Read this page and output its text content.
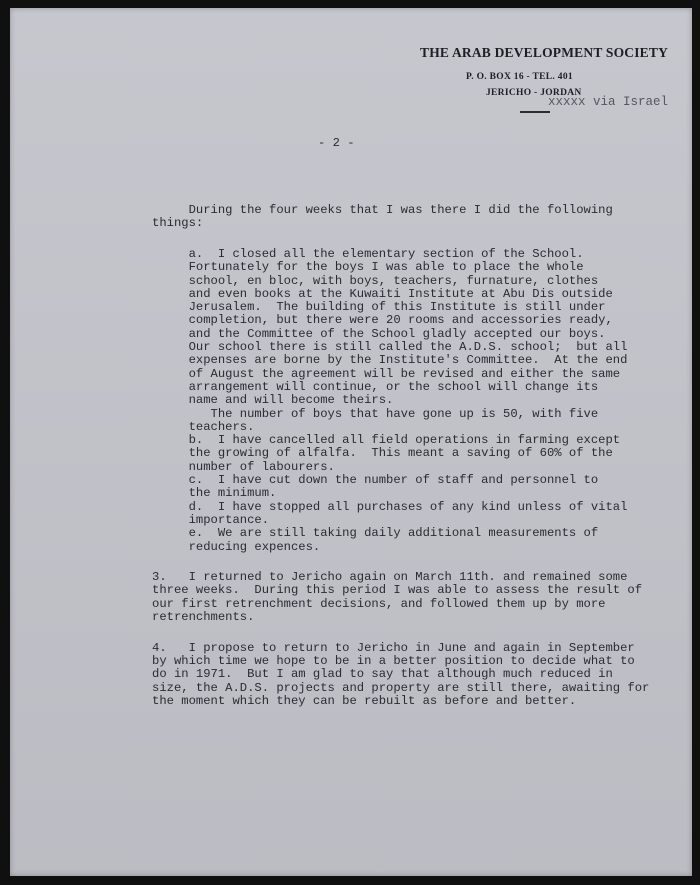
THE ARAB DEVELOPMENT SOCIETY
P. O. BOX 16 - TEL. 401
JERICHO - JORDAN
xxxxx via Israel
- 2 -
During the four weeks that I was there I did the following
things:
a.  I closed all the elementary section of the School.
Fortunately for the boys I was able to place the whole
school, en bloc, with boys, teachers, furnature, clothes
and even books at the Kuwaiti Institute at Abu Dis outside
Jerusalem.  The building of this Institute is still under
completion, but there were 20 rooms and accessories ready,
and the Committee of the School gladly accepted our boys.
Our school there is still called the A.D.S. school;  but all
expenses are borne by the Institute's Committee.  At the end
of August the agreement will be revised and either the same
arrangement will continue, or the school will change its
name and will become theirs.
The number of boys that have gone up is 50, with five
teachers.
b.  I have cancelled all field operations in farming except
the growing of alfalfa.  This meant a saving of 60% of the
number of labourers.
c.  I have cut down the number of staff and personnel to
the minimum.
d.  I have stopped all purchases of any kind unless of vital
importance.
e.  We are still taking daily additional measurements of
reducing expences.
3.   I returned to Jericho again on March 11th. and remained some
three weeks.  During this period I was able to assess the result of
our first retrenchment decisions, and followed them up by more
retrenchments.
4.   I propose to return to Jericho in June and again in September
by which time we hope to be in a better position to decide what to
do in 1971.  But I am glad to say that although much reduced in
size, the A.D.S. projects and property are still there, awaiting for
the moment which they can be rebuilt as before and better.
